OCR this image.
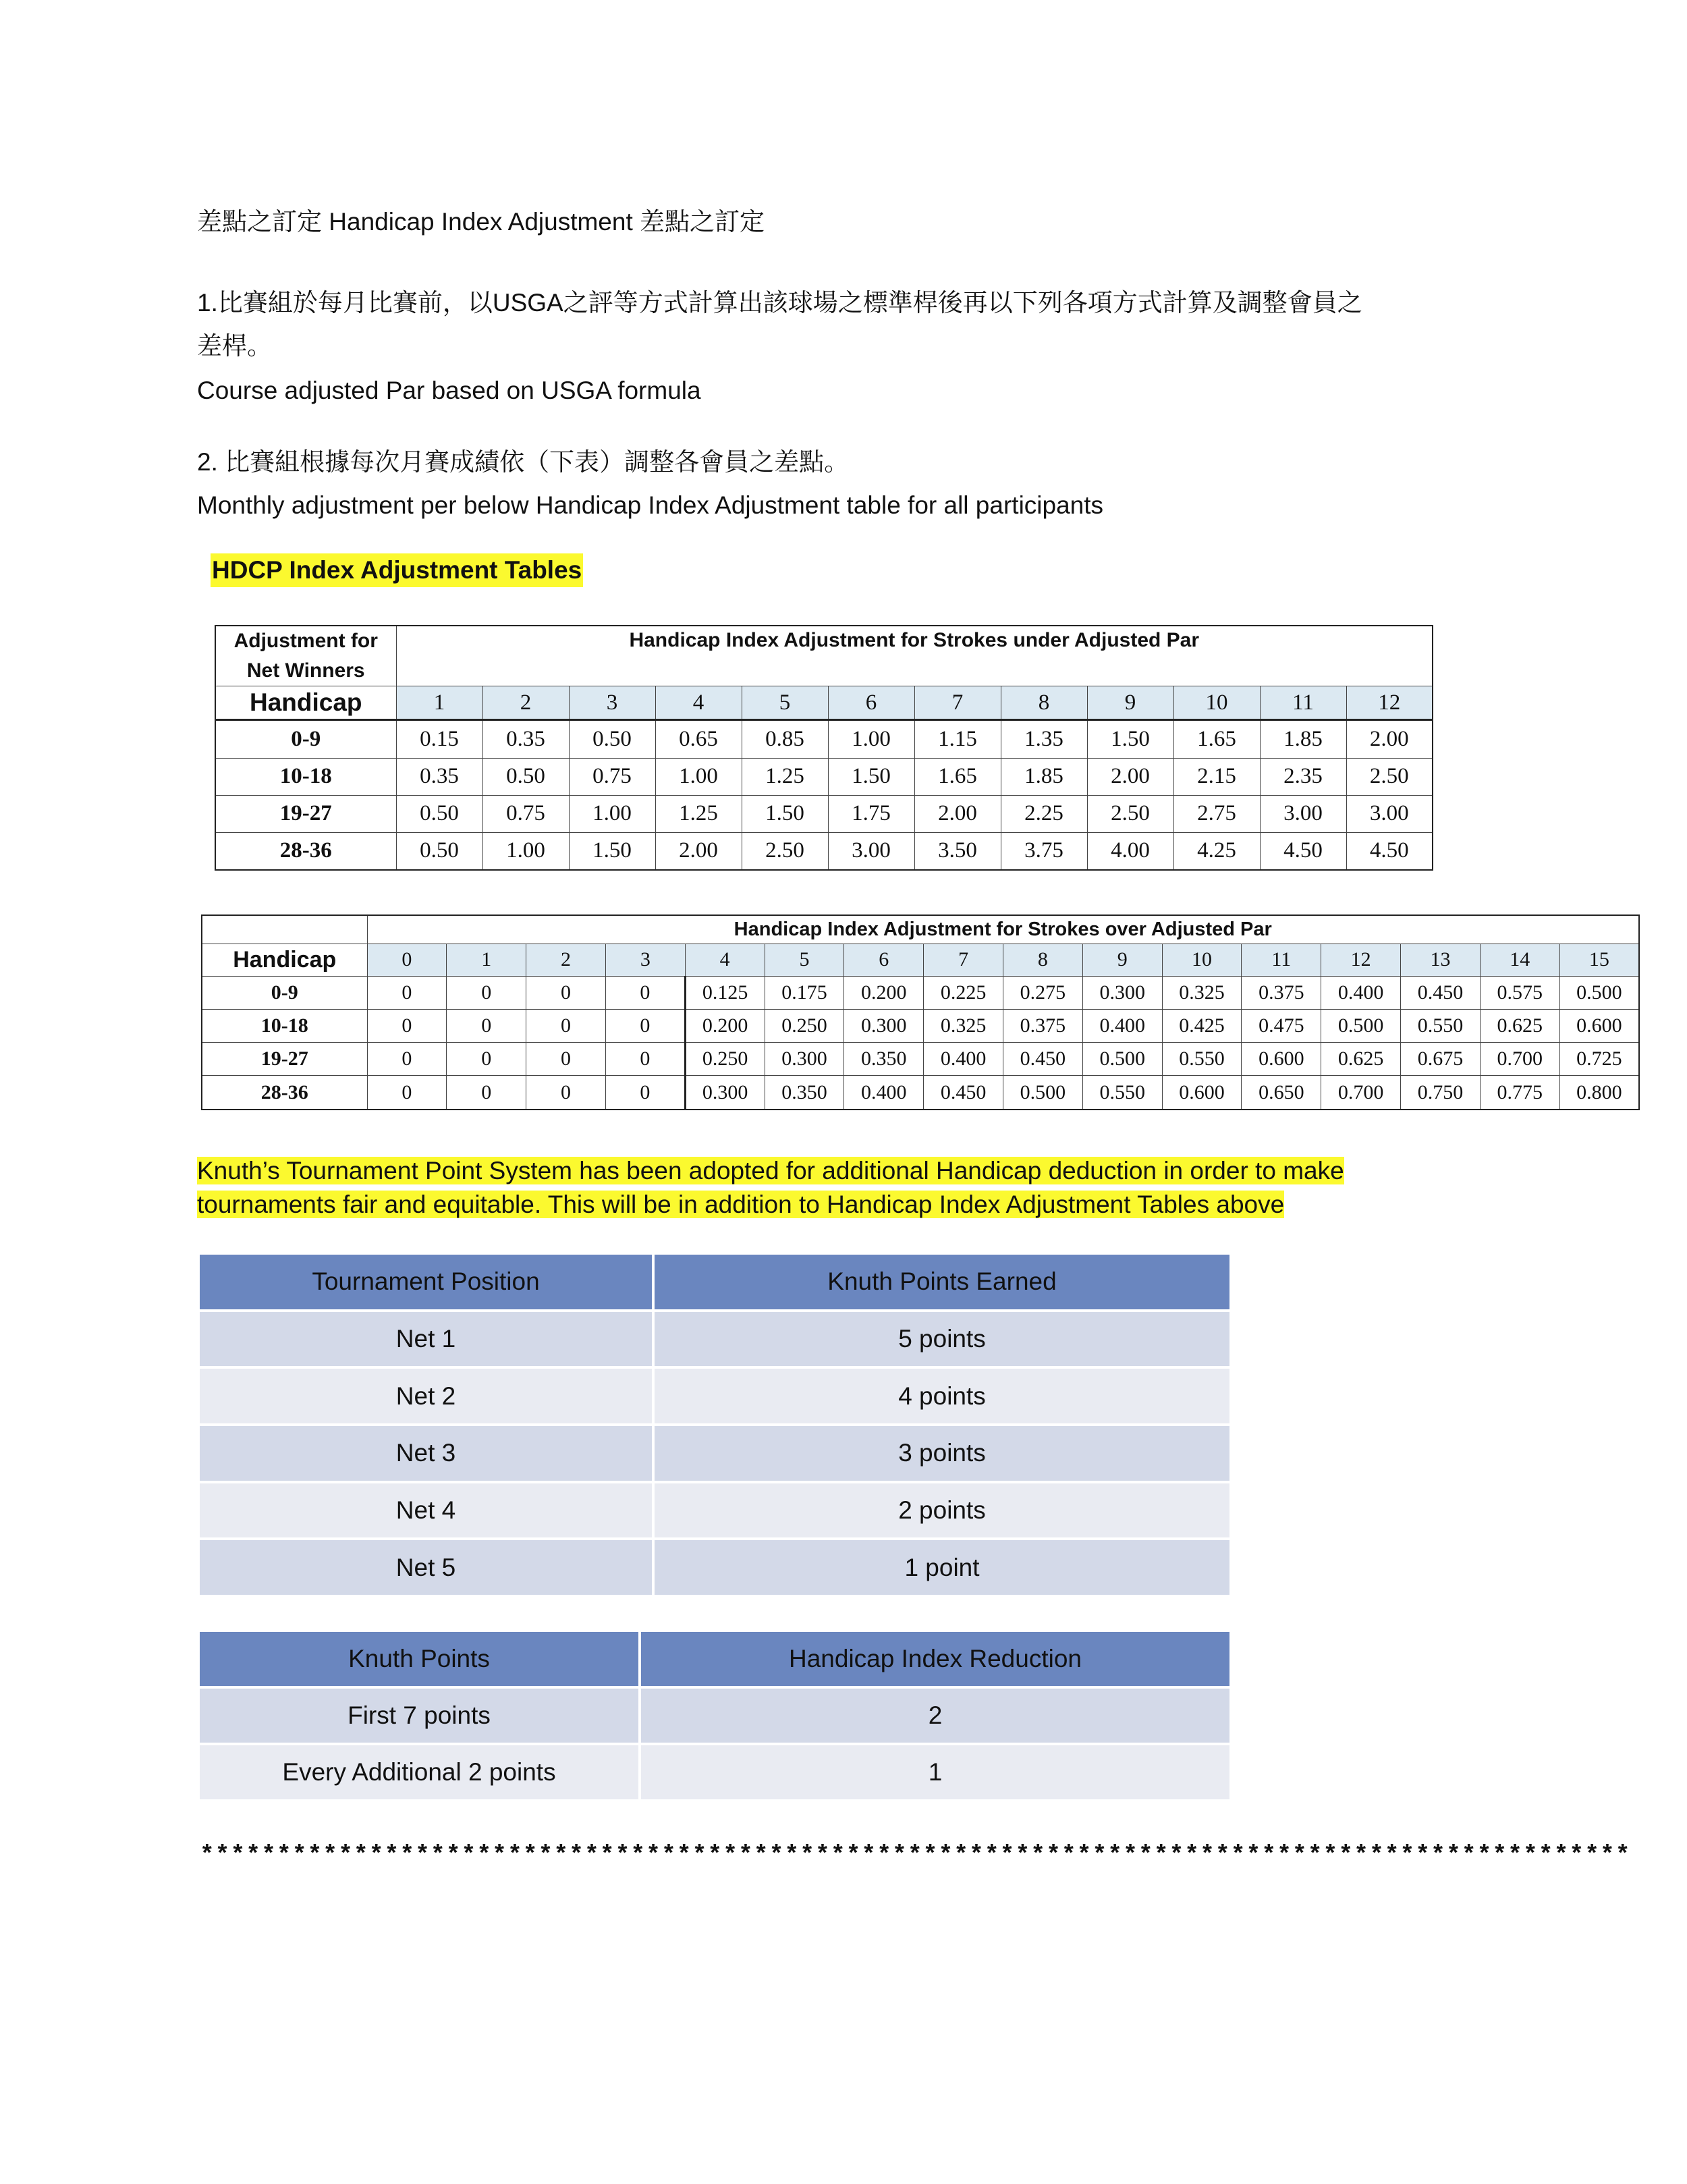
差點之訂定 Handicap Index Adjustment 差點之訂定
1.比賽組於每月比賽前，以USGA之評等方式計算出該球場之標準桿後再以下列各項方式計算及調整會員之
差桿。
Course adjusted Par based on USGA formula
2. 比賽組根據每次月賽成績依（下表）調整各會員之差點。
Monthly adjustment per below Handicap Index Adjustment table for all participants
HDCP Index Adjustment Tables
Adjustment for
Net Winners	Handicap Index Adjustment for Strokes under Adjusted Par											
Handicap	1	2	3	4	5	6	7	8	9	10	11	12
0-9	0.15	0.35	0.50	0.65	0.85	1.00	1.15	1.35	1.50	1.65	1.85	2.00
10-18	0.35	0.50	0.75	1.00	1.25	1.50	1.65	1.85	2.00	2.15	2.35	2.50
19-27	0.50	0.75	1.00	1.25	1.50	1.75	2.00	2.25	2.50	2.75	3.00	3.00
28-36	0.50	1.00	1.50	2.00	2.50	3.00	3.50	3.75	4.00	4.25	4.50	4.50
	Handicap Index Adjustment for Strokes over Adjusted Par															
Handicap	0	1	2	3	4	5	6	7	8	9	10	11	12	13	14	15
0-9	0	0	0	0	0.125	0.175	0.200	0.225	0.275	0.300	0.325	0.375	0.400	0.450	0.575	0.500
10-18	0	0	0	0	0.200	0.250	0.300	0.325	0.375	0.400	0.425	0.475	0.500	0.550	0.625	0.600
19-27	0	0	0	0	0.250	0.300	0.350	0.400	0.450	0.500	0.550	0.600	0.625	0.675	0.700	0.725
28-36	0	0	0	0	0.300	0.350	0.400	0.450	0.500	0.550	0.600	0.650	0.700	0.750	0.775	0.800
Knuth’s Tournament Point System has been adopted for additional Handicap deduction in order to make
tournaments fair and equitable. This will be in addition to Handicap Index Adjustment Tables above
Tournament Position	Knuth Points Earned
Net 1	5 points
Net 2	4 points
Net 3	3 points
Net 4	2 points
Net 5	1 point
Knuth Points	Handicap Index Reduction
First 7 points	2
Every Additional 2 points	1
*********************************************************************************************
